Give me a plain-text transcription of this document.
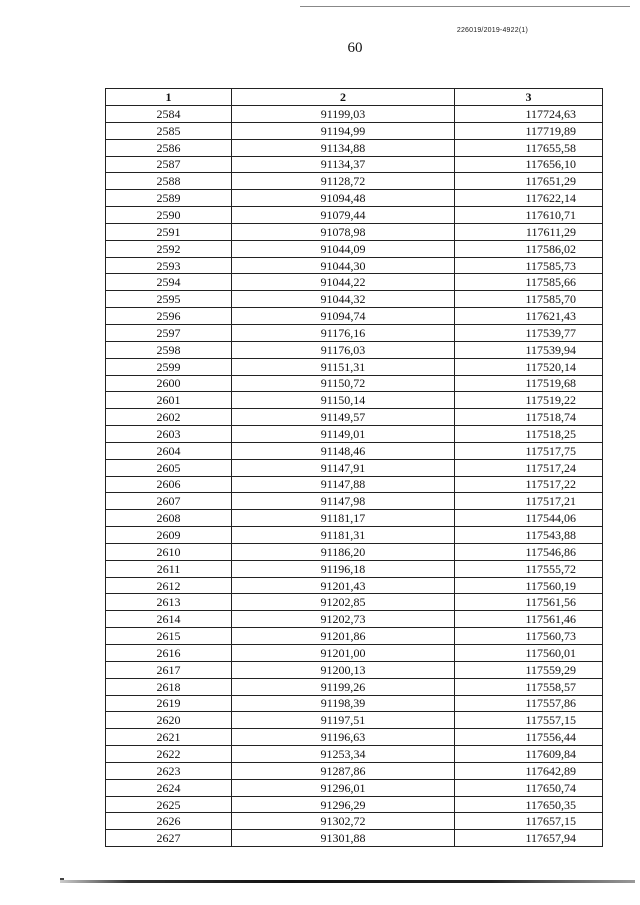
226019/2019-4922(1)
60
1	2	3
2584	91199,03	117724,63
2585	91194,99	117719,89
2586	91134,88	117655,58
2587	91134,37	117656,10
2588	91128,72	117651,29
2589	91094,48	117622,14
2590	91079,44	117610,71
2591	91078,98	117611,29
2592	91044,09	117586,02
2593	91044,30	117585,73
2594	91044,22	117585,66
2595	91044,32	117585,70
2596	91094,74	117621,43
2597	91176,16	117539,77
2598	91176,03	117539,94
2599	91151,31	117520,14
2600	91150,72	117519,68
2601	91150,14	117519,22
2602	91149,57	117518,74
2603	91149,01	117518,25
2604	91148,46	117517,75
2605	91147,91	117517,24
2606	91147,88	117517,22
2607	91147,98	117517,21
2608	91181,17	117544,06
2609	91181,31	117543,88
2610	91186,20	117546,86
2611	91196,18	117555,72
2612	91201,43	117560,19
2613	91202,85	117561,56
2614	91202,73	117561,46
2615	91201,86	117560,73
2616	91201,00	117560,01
2617	91200,13	117559,29
2618	91199,26	117558,57
2619	91198,39	117557,86
2620	91197,51	117557,15
2621	91196,63	117556,44
2622	91253,34	117609,84
2623	91287,86	117642,89
2624	91296,01	117650,74
2625	91296,29	117650,35
2626	91302,72	117657,15
2627	91301,88	117657,94
